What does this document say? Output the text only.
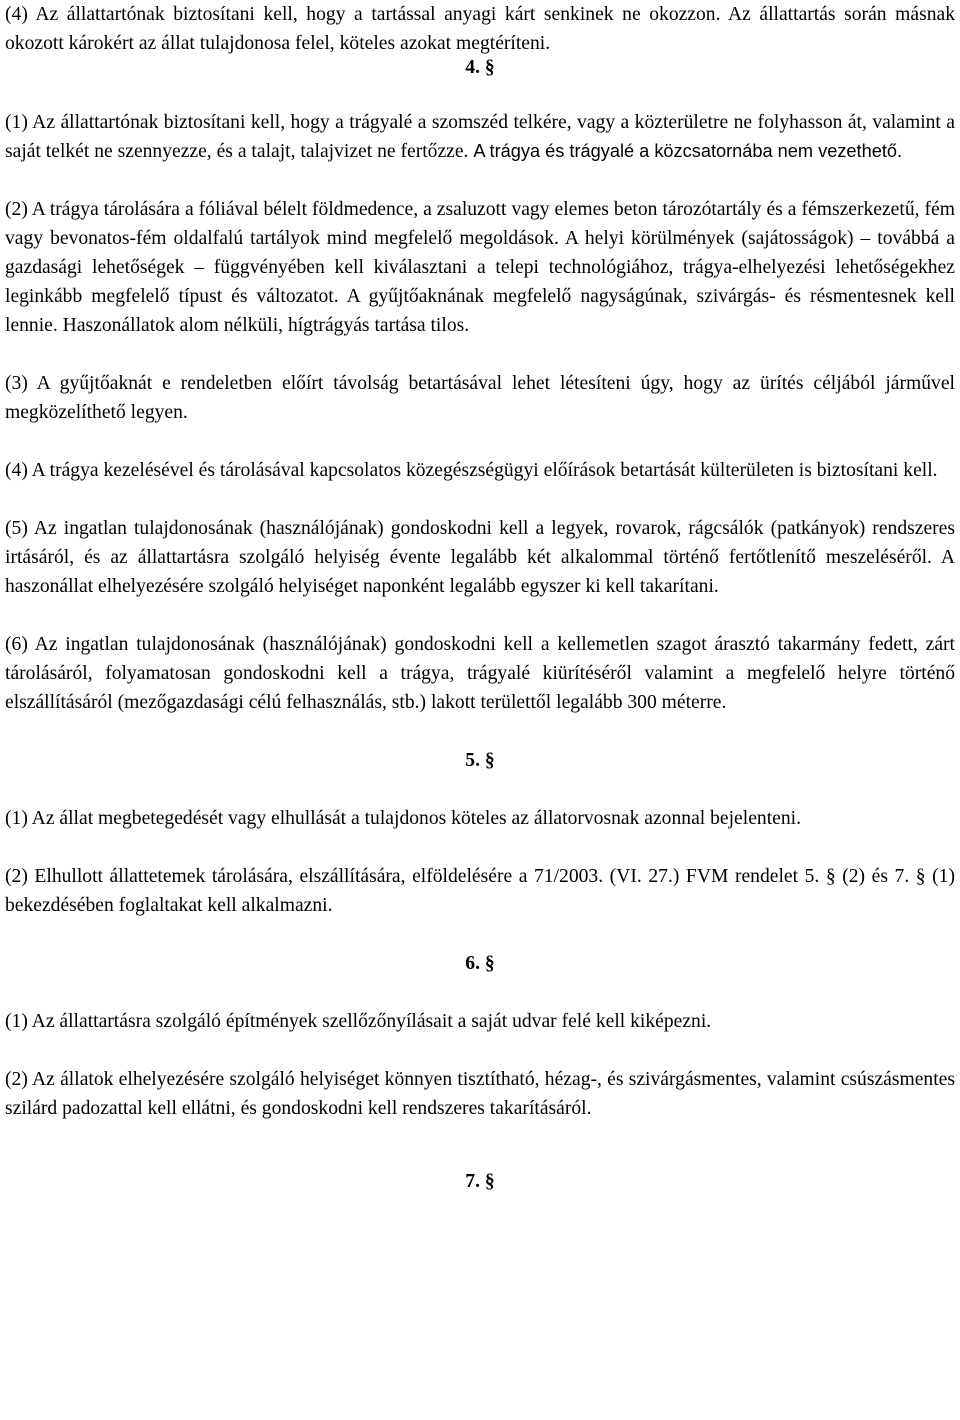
(4) Az állattartónak biztosítani kell, hogy a tartással anyagi kárt senkinek ne okozzon. Az állattartás során másnak okozott károkért az állat tulajdonosa felel, köteles azokat megtéríteni.

4. §

(1) Az állattartónak biztosítani kell, hogy a trágyalé a szomszéd telkére, vagy a közterületre ne folyhasson át, valamint a saját telkét ne szennyezze, és a talajt, talajvizet ne fertőzze. A trágya és trágyalé a közcsatornába nem vezethető.

(2) A trágya tárolására a fóliával bélelt földmedence, a zsaluzott vagy elemes beton tározótartály és a fémszerkezetű, fém vagy bevonatos-fém oldalfalú tartályok mind megfelelő megoldások. A helyi körülmények (sajátosságok) – továbbá a gazdasági lehetőségek – függvényében kell kiválasztani a telepi technológiához, trágya-elhelyezési lehetőségekhez leginkább megfelelő típust és változatot. A gyűjtőaknának megfelelő nagyságúnak, szivárgás- és résmentesnek kell lennie. Haszonállatok alom nélküli, hígtrágyás tartása tilos.

(3) A gyűjtőaknát e rendeletben előírt távolság betartásával lehet létesíteni úgy, hogy az ürítés céljából járművel megközelíthető legyen.

(4) A trágya kezelésével és tárolásával kapcsolatos közegészségügyi előírások betartását külterületen is biztosítani kell.

(5) Az ingatlan tulajdonosának (használójának) gondoskodni kell a legyek, rovarok, rágcsálók (patkányok) rendszeres irtásáról, és az állattartásra szolgáló helyiség évente legalább két alkalommal történő fertőtlenítő meszeléséről. A haszonállat elhelyezésére szolgáló helyiséget naponként legalább egyszer ki kell takarítani.

(6) Az ingatlan tulajdonosának (használójának) gondoskodni kell a kellemetlen szagot árasztó takarmány fedett, zárt tárolásáról, folyamatosan gondoskodni kell a trágya, trágyalé kiürítéséről valamint a megfelelő helyre történő elszállításáról (mezőgazdasági célú felhasználás, stb.) lakott területtől legalább 300 méterre.

5. §

(1) Az állat megbetegedését vagy elhullását a tulajdonos köteles az állatorvosnak azonnal bejelenteni.

(2) Elhullott állattetemek tárolására, elszállítására, elföldelésére a 71/2003. (VI. 27.) FVM rendelet 5. § (2) és 7. § (1) bekezdésében foglaltakat kell alkalmazni.

6. §

(1) Az állattartásra szolgáló építmények szellőzőnyílásait a saját udvar felé kell kiképezni.

(2) Az állatok elhelyezésére szolgáló helyiséget könnyen tisztítható, hézag-, és szivárgásmentes, valamint csúszásmentes szilárd padozattal kell ellátni, és gondoskodni kell rendszeres takarításáról.

7. §
